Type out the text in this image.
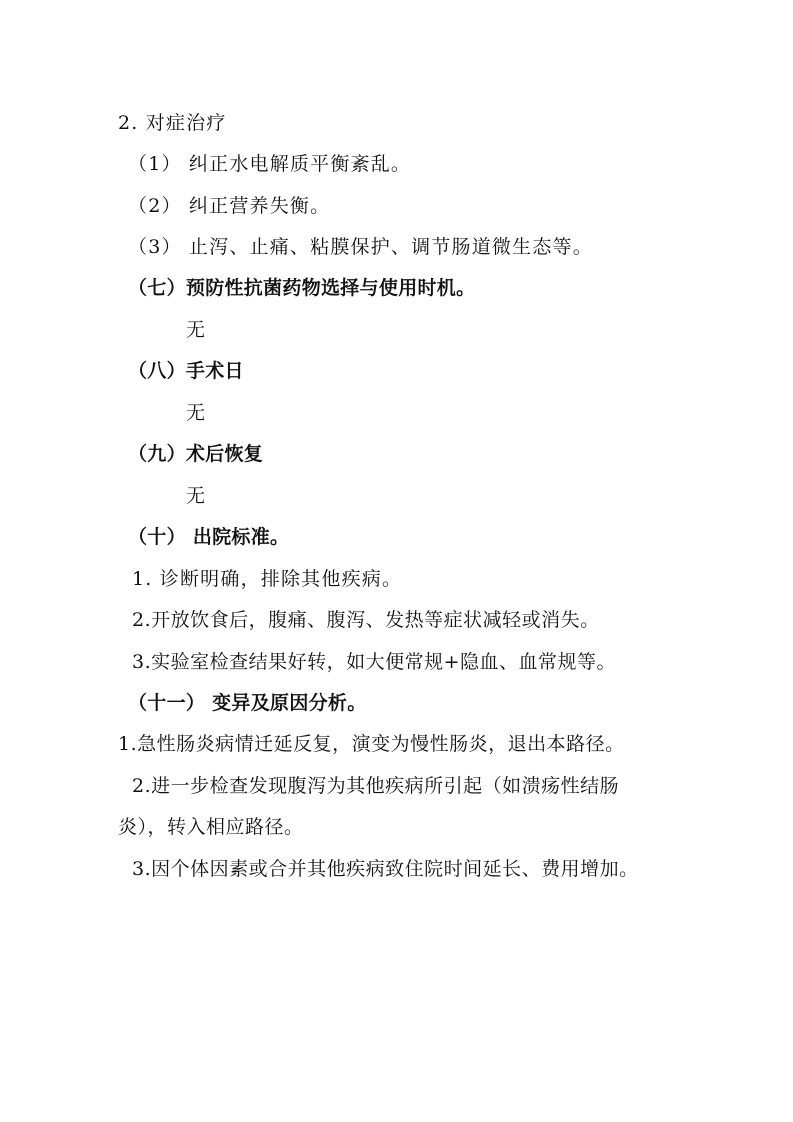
2. 对症治疗
（1） 纠正水电解质平衡紊乱。
（2） 纠正营养失衡。
（3） 止泻、止痛、粘膜保护、调节肠道微生态等。
（七）预防性抗菌药物选择与使用时机。
无
（八）手术日
无
（九）术后恢复
无
（十） 出院标准。
1. 诊断明确，排除其他疾病。
2.开放饮食后，腹痛、腹泻、发热等症状减轻或消失。
3.实验室检查结果好转，如大便常规+隐血、血常规等。
（十一） 变异及原因分析。
1.急性肠炎病情迁延反复，演变为慢性肠炎，退出本路径。
2.进一步检查发现腹泻为其他疾病所引起（如溃疡性结肠
炎），转入相应路径。
3.因个体因素或合并其他疾病致住院时间延长、费用增加。
